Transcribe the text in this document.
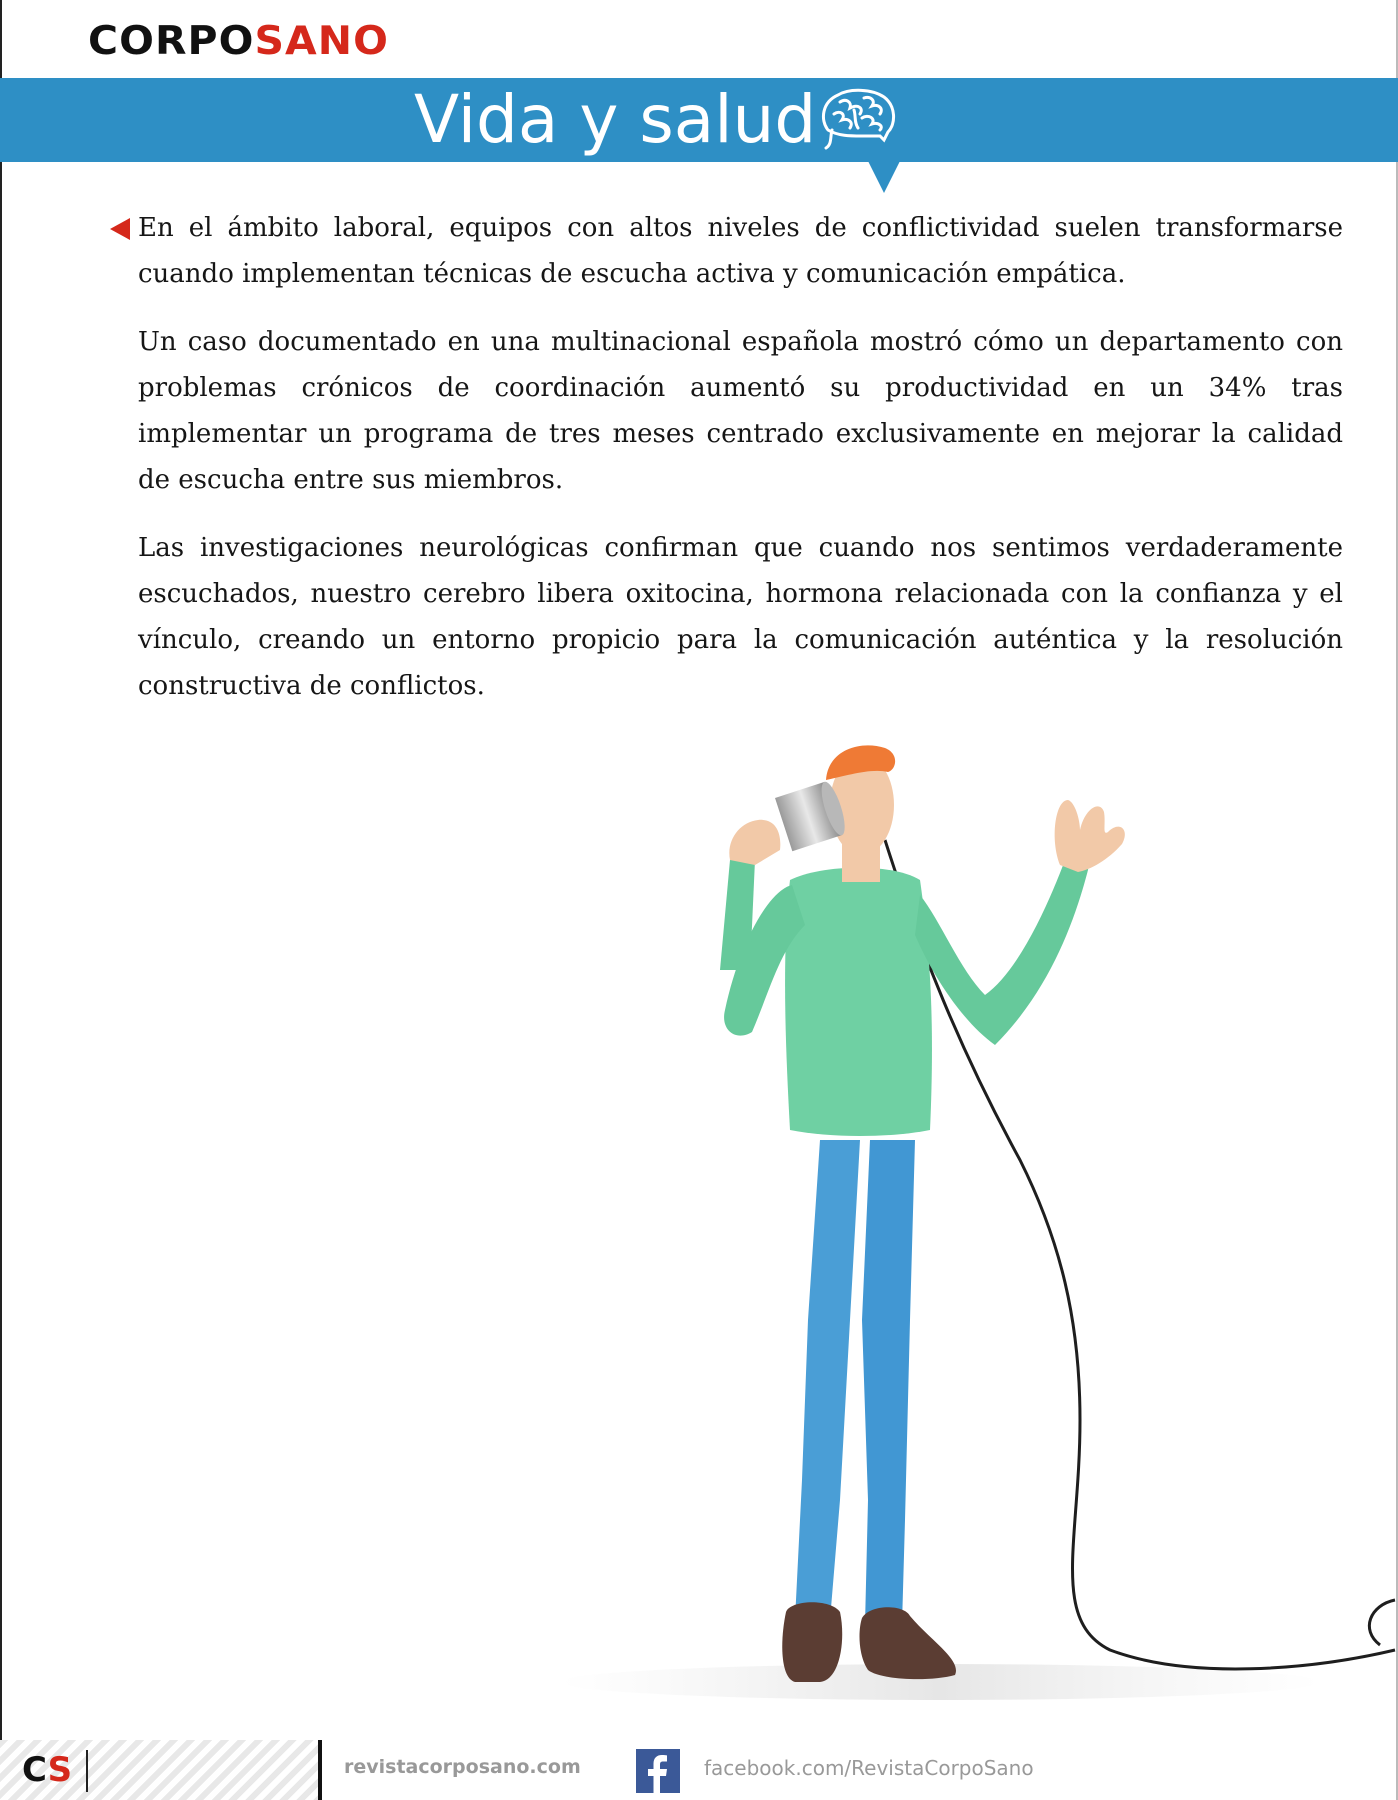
CORPOSANO
Vida y salud

En el ámbito laboral, equipos con altos niveles de conflictividad suelen transformarse cuando implementan técnicas de escucha activa y comunicación empática.

Un caso documentado en una multinacional española mostró cómo un departamento con problemas crónicos de coordinación aumentó su productividad en un 34% tras implementar un programa de tres meses centrado exclusivamente en mejorar la calidad de escucha entre sus miembros.

Las investigaciones neurológicas confirman que cuando nos sentimos verdaderamente escuchados, nuestro cerebro libera oxitocina, hormona relacionada con la confianza y el vínculo, creando un entorno propicio para la comunicación auténtica y la resolución constructiva de conflictos.

CS	revistacorposano.com	facebook.com/RevistaCorpoSano
